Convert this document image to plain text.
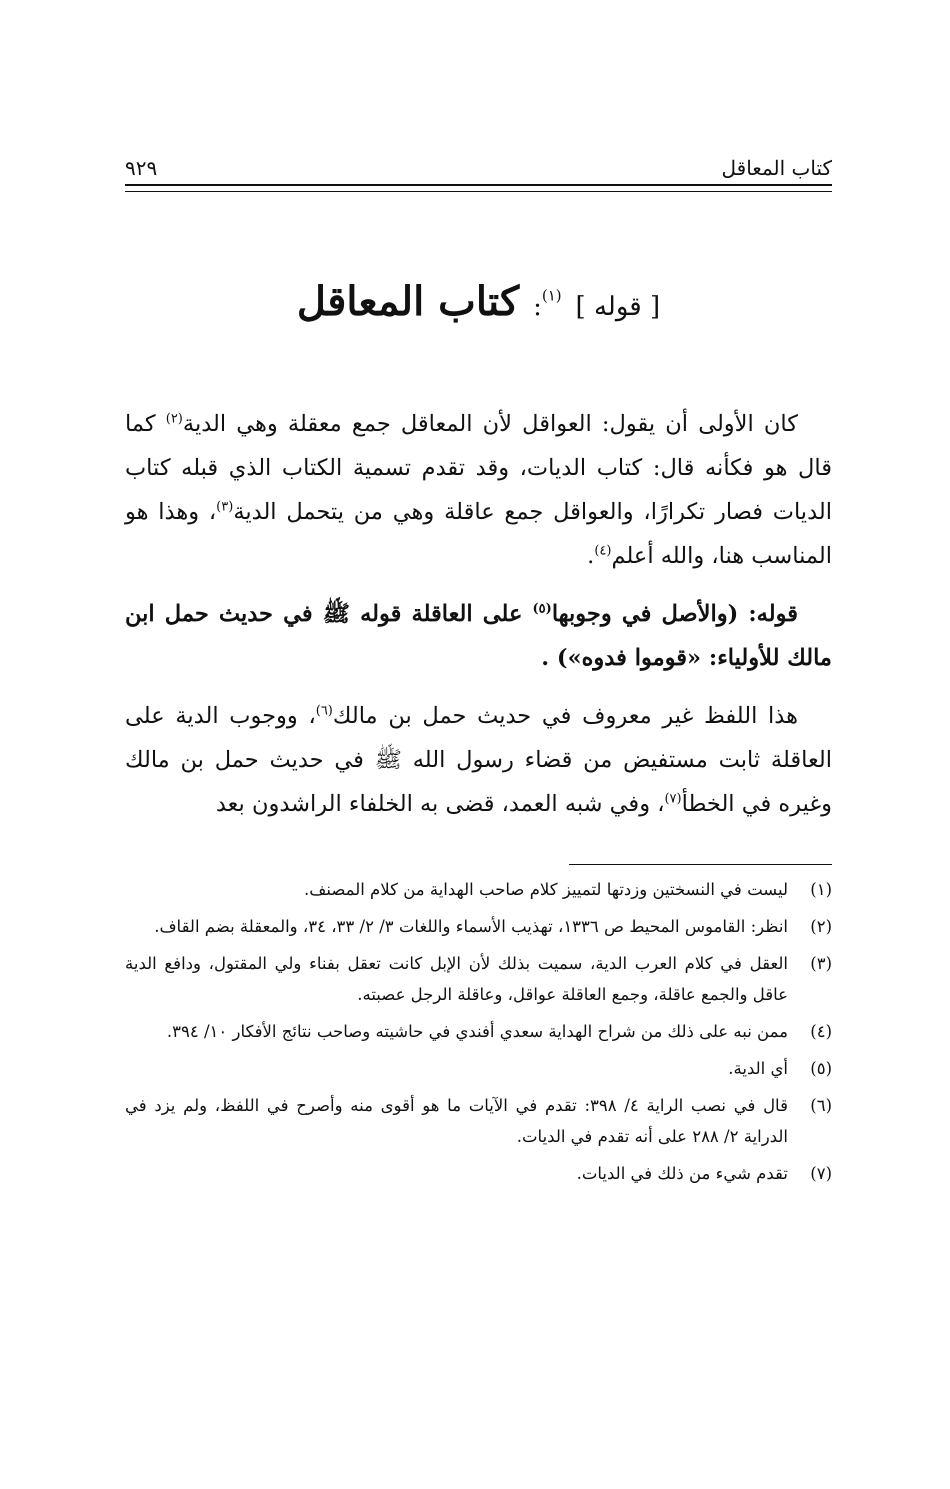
كتاب المعاقل
٩٢٩
[ قوله ] $^{(١)}$: كتاب المعاقل

كان الأولى أن يقول: العواقل لأن المعاقل جمع معقلة وهي الدية$^{(٢)}$ كما قال هو فكأنه قال: كتاب الديات، وقد تقدم تسمية الكتاب الذي قبله كتاب الديات فصار تكرارًا، والعواقل جمع عاقلة وهي من يتحمل الدية$^{(٣)}$، وهذا هو المناسب هنا، والله أعلم$^{(٤)}$.

قوله: (والأصل في وجوبها$^{(٥)}$ على العاقلة قوله ﷺ في حديث حمل ابن مالك للأولياء: «قوموا فدوه») .

هذا اللفظ غير معروف في حديث حمل بن مالك$^{(٦)}$، ووجوب الدية على العاقلة ثابت مستفيض من قضاء رسول الله ﷺ في حديث حمل بن مالك وغيره في الخطأ$^{(٧)}$، وفي شبه العمد، قضى به الخلفاء الراشدون بعد

(١)
ليست في النسختين وزدتها لتمييز كلام صاحب الهداية من كلام المصنف.
(٢)
انظر: القاموس المحيط ص ١٣٣٦، تهذيب الأسماء واللغات ٣/ ٢/ ٣٣، ٣٤، والمعقلة بضم القاف.
(٣)
العقل في كلام العرب الدية، سميت بذلك لأن الإبل كانت تعقل بفناء ولي المقتول، ودافع الدية عاقل والجمع عاقلة، وجمع العاقلة عواقل، وعاقلة الرجل عصبته.
(٤)
ممن نبه على ذلك من شراح الهداية سعدي أفندي في حاشيته وصاحب نتائج الأفكار ١٠/ ٣٩٤.
(٥)
أي الدية.
(٦)
قال في نصب الراية ٤/ ٣٩٨: تقدم في الآيات ما هو أقوى منه وأصرح في اللفظ، ولم يزد في الدراية ٢/ ٢٨٨ على أنه تقدم في الديات.
(٧)
تقدم شيء من ذلك في الديات.
